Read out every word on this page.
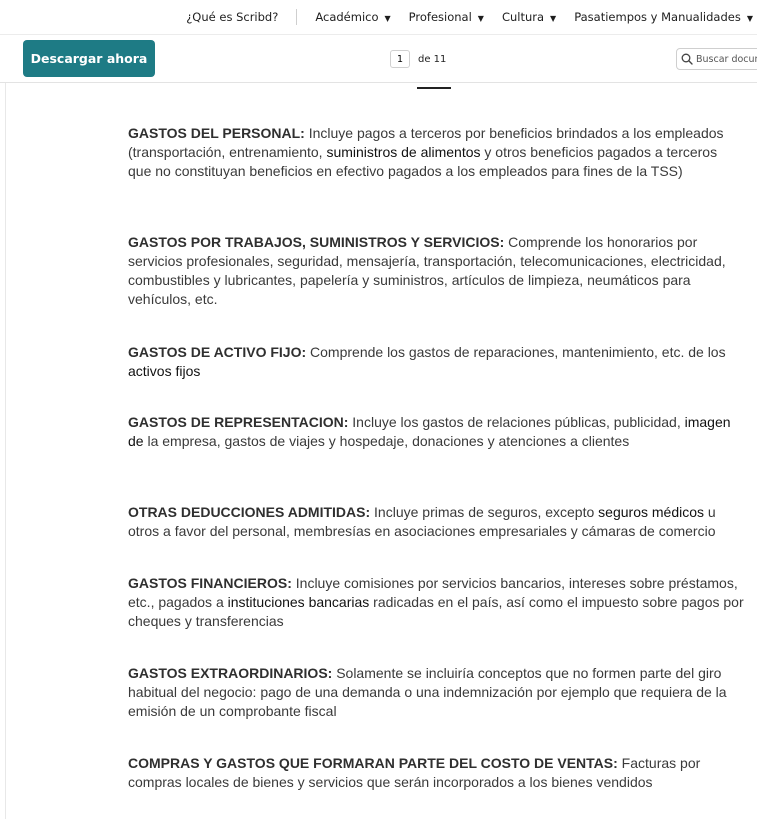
¿Qué es Scribd?	Académico ▼ Profesional ▼ Cultura ▼ Pasatiempos y Manualidades ▼
Descargar ahora
1	de 11
Buscar documento
GASTOS DEL PERSONAL: Incluye pagos a terceros por beneficios brindados a los empleados (transportación, entrenamiento, suministros de alimentos y otros beneficios pagados a terceros que no constituyan beneficios en efectivo pagados a los empleados para fines de la TSS)
GASTOS POR TRABAJOS, SUMINISTROS Y SERVICIOS: Comprende los honorarios por servicios profesionales, seguridad, mensajería, transportación, telecomunicaciones, electricidad, combustibles y lubricantes, papelería y suministros, artículos de limpieza, neumáticos para vehículos, etc.
GASTOS DE ACTIVO FIJO: Comprende los gastos de reparaciones, mantenimiento, etc. de los activos fijos
GASTOS DE REPRESENTACION: Incluye los gastos de relaciones públicas, publicidad, imagen de la empresa, gastos de viajes y hospedaje, donaciones y atenciones a clientes
OTRAS DEDUCCIONES ADMITIDAS: Incluye primas de seguros, excepto seguros médicos u otros a favor del personal, membresías en asociaciones empresariales y cámaras de comercio
GASTOS FINANCIEROS: Incluye comisiones por servicios bancarios, intereses sobre préstamos, etc., pagados a instituciones bancarias radicadas en el país, así como el impuesto sobre pagos por cheques y transferencias
GASTOS EXTRAORDINARIOS: Solamente se incluiría conceptos que no formen parte del giro habitual del negocio: pago de una demanda o una indemnización por ejemplo que requiera de la emisión de un comprobante fiscal
COMPRAS Y GASTOS QUE FORMARAN PARTE DEL COSTO DE VENTAS: Facturas por compras locales de bienes y servicios que serán incorporados a los bienes vendidos
